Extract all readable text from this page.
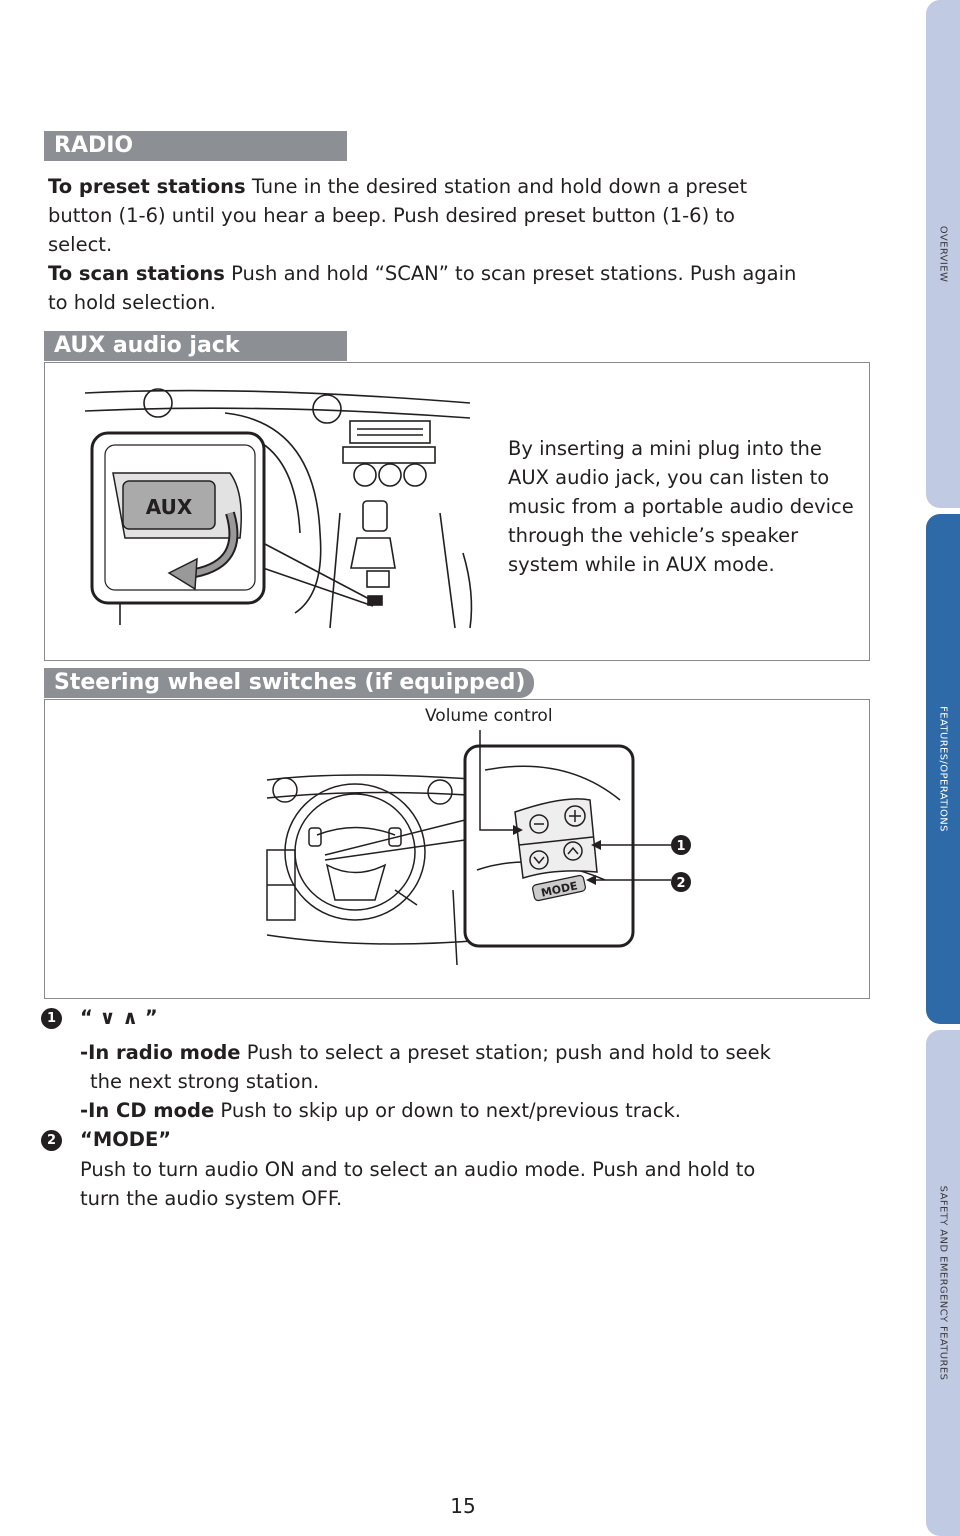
OVERVIEW
FEATURES/OPERATIONS
SAFETY AND EMERGENCY FEATURES
RADIO
To preset stations Tune in the desired station and hold down a preset
button (1-6) until you hear a beep. Push desired preset button (1-6) to
select.
To scan stations Push and hold “SCAN” to scan preset stations. Push again
to hold selection.
AUX audio jack
AUX
By inserting a mini plug into the AUX audio jack, you can listen to music from a portable audio device through the vehicle’s speaker system while in AUX mode.
Steering wheel switches (if equipped)
Volume control
MODE
1
2
1	“ ∨ ∧ ”
-In radio mode Push to select a preset station; push and hold to seek
the next strong station.
-In CD mode Push to skip up or down to next/previous track.
2	“MODE”
Push to turn audio ON and to select an audio mode. Push and hold to
turn the audio system OFF.
15
